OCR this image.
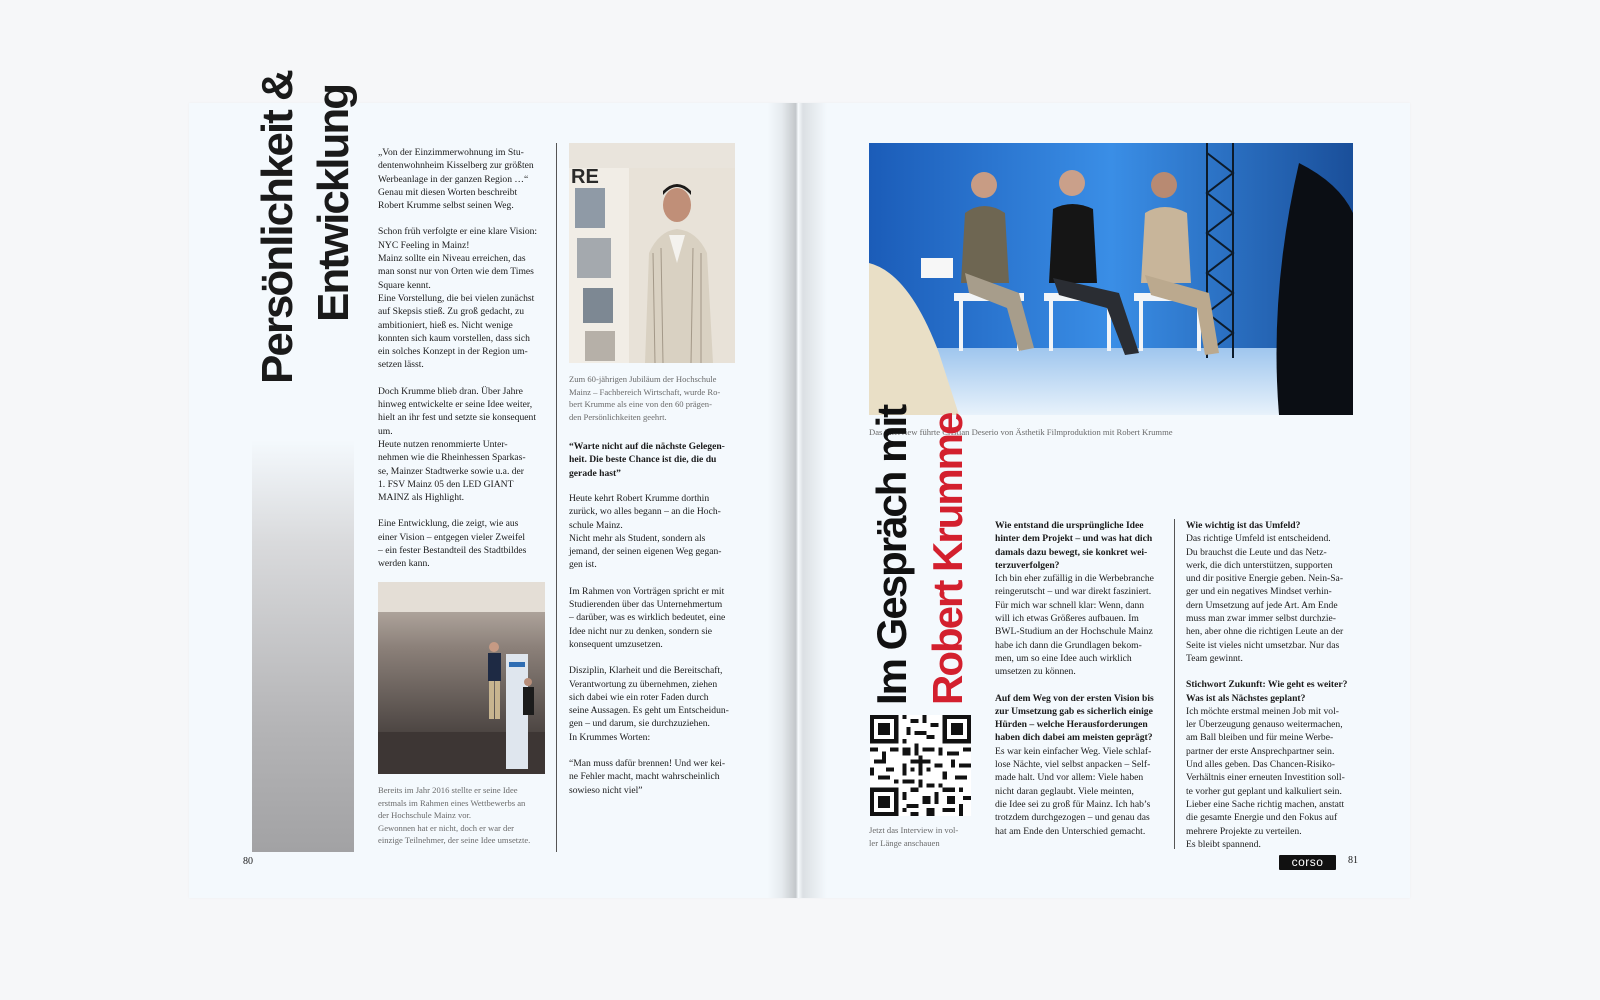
Persönlichkeit & Entwicklung	„Von der Einzimmerwohnung im Stu-
dentenwohnheim Kisselberg zur größten
Werbeanlage in der ganzen Region …“
Genau mit diesen Worten beschreibt
Robert Krumme selbst seinen Weg.

Schon früh verfolgte er eine klare Vision:
NYC Feeling in Mainz!
Mainz sollte ein Niveau erreichen, das
man sonst nur von Orten wie dem Times
Square kennt.
Eine Vorstellung, die bei vielen zunächst
auf Skepsis stieß. Zu groß gedacht, zu
ambitioniert, hieß es. Nicht wenige
konnten sich kaum vorstellen, dass sich
ein solches Konzept in der Region um-
setzen lässt.

Doch Krumme blieb dran. Über Jahre
hinweg entwickelte er seine Idee weiter,
hielt an ihr fest und setzte sie konsequent
um.
Heute nutzen renommierte Unter-
nehmen wie die Rheinhessen Sparkas-
se, Mainzer Stadtwerke sowie u.a. der
1. FSV Mainz 05 den LED GIANT
MAINZ als Highlight.

Eine Entwicklung, die zeigt, wie aus
einer Vision – entgegen vieler Zweifel
– ein fester Bestandteil des Stadtbildes
werden kann.

Bereits im Jahr 2016 stellte er seine Idee
erstmals im Rahmen eines Wettbewerbs an
der Hochschule Mainz vor.
Gewonnen hat er nicht, doch er war der
einzige Teilnehmer, der seine Idee umsetzte.
RE
Zum 60-jährigen Jubiläum der Hochschule
Mainz – Fachbereich Wirtschaft, wurde Ro-
bert Krumme als eine von den 60 prägen-
den Persönlichkeiten geehrt.
“Warte nicht auf die nächste Gelegen-
heit. Die beste Chance ist die, die du
gerade hast”

Heute kehrt Robert Krumme dorthin
zurück, wo alles begann – an die Hoch-
schule Mainz.
Nicht mehr als Student, sondern als
jemand, der seinen eigenen Weg gegan-
gen ist.

Im Rahmen von Vorträgen spricht er mit
Studierenden über das Unternehmertum
– darüber, was es wirklich bedeutet, eine
Idee nicht nur zu denken, sondern sie
konsequent umzusetzen.

Disziplin, Klarheit und die Bereitschaft,
Verantwortung zu übernehmen, ziehen
sich dabei wie ein roter Faden durch
seine Aussagen. Es geht um Entscheidun-
gen – und darum, sie durchzuziehen.
In Krummes Worten:

“Man muss dafür brennen! Und wer kei-
ne Fehler macht, macht wahrscheinlich
sowieso nicht viel”

80
Das Interview führte Cristian Deserio von Ästhetik Filmproduktion mit Robert Krumme
Im Gespräch mit Robert Krumme
Jetzt das Interview in vol-
ler Länge anschauen
Wie entstand die ursprüngliche Idee
hinter dem Projekt – und was hat dich
damals dazu bewegt, sie konkret wei-
terzuverfolgen?
Ich bin eher zufällig in die Werbebranche
reingerutscht – und war direkt fasziniert.
Für mich war schnell klar: Wenn, dann
will ich etwas Größeres aufbauen. Im
BWL-Studium an der Hochschule Mainz
habe ich dann die Grundlagen bekom-
men, um so eine Idee auch wirklich
umsetzen zu können.
Auf dem Weg von der ersten Vision bis
zur Umsetzung gab es sicherlich einige
Hürden – welche Herausforderungen
haben dich dabei am meisten geprägt?
Es war kein einfacher Weg. Viele schlaf-
lose Nächte, viel selbst anpacken – Self-
made halt. Und vor allem: Viele haben
nicht daran geglaubt. Viele meinten,
die Idee sei zu groß für Mainz. Ich hab’s
trotzdem durchgezogen – und genau das
hat am Ende den Unterschied gemacht.
Wie wichtig ist das Umfeld?
Das richtige Umfeld ist entscheidend.
Du brauchst die Leute und das Netz-
werk, die dich unterstützen, supporten
und dir positive Energie geben. Nein-Sa-
ger und ein negatives Mindset verhin-
dern Umsetzung auf jede Art. Am Ende
muss man zwar immer selbst durchzie-
hen, aber ohne die richtigen Leute an der
Seite ist vieles nicht umsetzbar. Nur das
Team gewinnt.
Stichwort Zukunft: Wie geht es weiter?
Was ist als Nächstes geplant?
Ich möchte erstmal meinen Job mit vol-
ler Überzeugung genauso weitermachen,
am Ball bleiben und für meine Werbe-
partner der erste Ansprechpartner sein.
Und alles geben. Das Chancen-Risiko-
Verhältnis einer erneuten Investition soll-
te vorher gut geplant und kalkuliert sein.
Lieber eine Sache richtig machen, anstatt
die gesamte Energie und den Fokus auf
mehrere Projekte zu verteilen.
Es bleibt spannend.
corso	81
